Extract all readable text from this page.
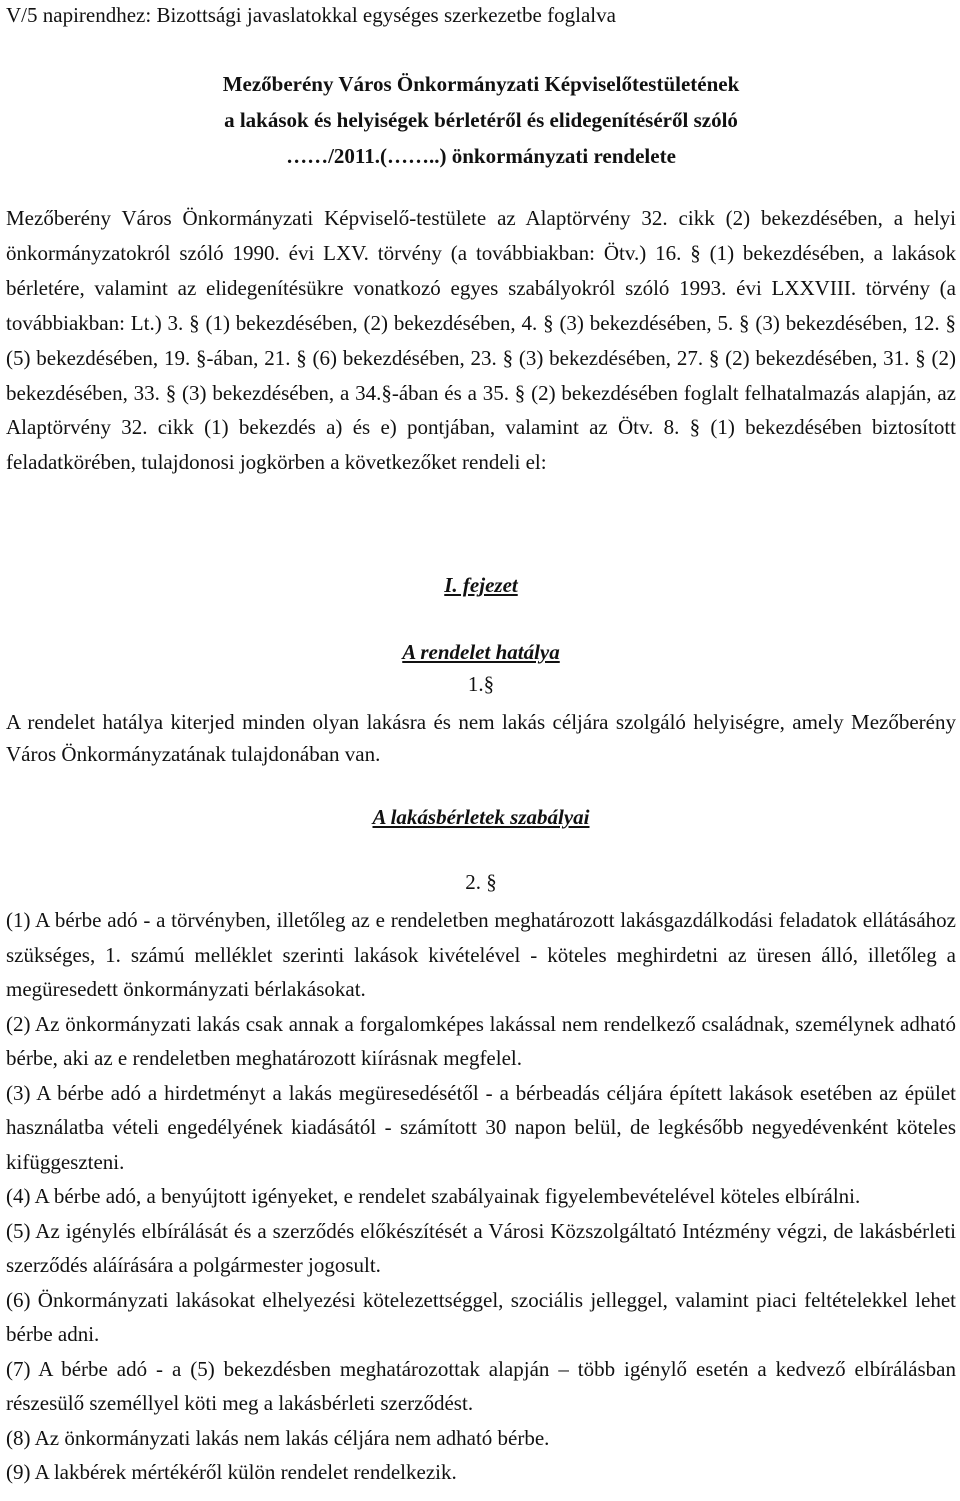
V/5 napirendhez: Bizottsági javaslatokkal egységes szerkezetbe foglalva
Mezőberény Város Önkormányzati Képviselőtestületének
a lakások és helyiségek bérletéről és elidegenítéséről szóló
……/2011.(……..) önkormányzati rendelete
Mezőberény Város Önkormányzati Képviselő-testülete az Alaptörvény 32. cikk (2) bekezdésében, a helyi önkormányzatokról szóló 1990. évi LXV. törvény (a továbbiakban: Ötv.) 16. § (1) bekezdésében, a lakások bérletére, valamint az elidegenítésükre vonatkozó egyes szabályokról szóló 1993. évi LXXVIII. törvény (a továbbiakban: Lt.) 3. § (1) bekezdésében, (2) bekezdésében, 4. § (3) bekezdésében, 5. § (3) bekezdésében, 12. § (5) bekezdésében, 19. §-ában, 21. § (6) bekezdésében, 23. § (3) bekezdésében, 27. § (2) bekezdésében, 31. § (2) bekezdésében, 33. § (3) bekezdésében, a 34.§-ában és a 35. § (2) bekezdésében foglalt felhatalmazás alapján, az Alaptörvény 32. cikk (1) bekezdés a) és e) pontjában, valamint az Ötv. 8. § (1) bekezdésében biztosított feladatkörében, tulajdonosi jogkörben a következőket rendeli el:
I. fejezet
A rendelet hatálya
1.§
A rendelet hatálya kiterjed minden olyan lakásra és nem lakás céljára szolgáló helyiségre, amely Mezőberény Város Önkormányzatának tulajdonában van.
A lakásbérletek szabályai
2. §

(1) A bérbe adó - a törvényben, illetőleg az e rendeletben meghatározott lakásgazdálkodási feladatok ellátásához szükséges, 1. számú melléklet szerinti lakások kivételével - köteles meghirdetni az üresen álló, illetőleg a megüresedett önkormányzati bérlakásokat.

(2) Az önkormányzati lakás csak annak a forgalomképes lakással nem rendelkező családnak, személynek adható bérbe, aki az e rendeletben meghatározott kiírásnak megfelel.

(3) A bérbe adó a hirdetményt a lakás megüresedésétől - a bérbeadás céljára épített lakások esetében az épület használatba vételi engedélyének kiadásától - számított 30 napon belül, de legkésőbb negyedévenként köteles kifüggeszteni.

(4) A bérbe adó, a benyújtott igényeket, e rendelet szabályainak figyelembevételével köteles elbírálni.

(5) Az igénylés elbírálását és a szerződés előkészítését a Városi Közszolgáltató Intézmény végzi, de lakásbérleti szerződés aláírására a polgármester jogosult.

(6) Önkormányzati lakásokat elhelyezési kötelezettséggel, szociális jelleggel, valamint piaci feltételekkel lehet bérbe adni.

(7) A bérbe adó - a (5) bekezdésben meghatározottak alapján – több igénylő esetén a kedvező elbírálásban részesülő személlyel köti meg a lakásbérleti szerződést.

(8) Az önkormányzati lakás nem lakás céljára nem adható bérbe.

(9) A lakbérek mértékéről külön rendelet rendelkezik.
